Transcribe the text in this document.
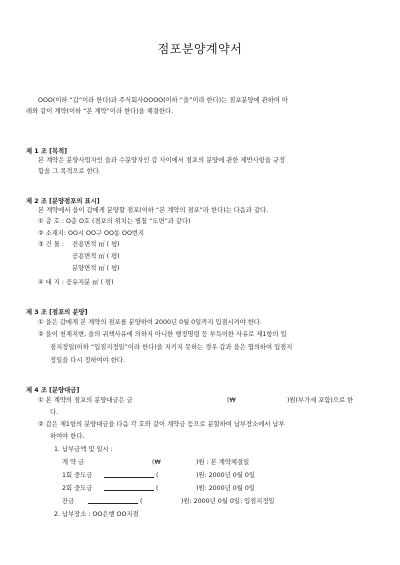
점포분양계약서
OOO(이하 “갑”이라 한다)과 주식회사OOOO(이하 “을”이라 한다)는 점포분양에 관하여 아
래와 같이 계약(이하 “본 계약”이라 한다)을 체결한다.
제 1 조 [목적]
본 계약은 분양사업자인 을과 수분양자인 갑 사이에서 점포의 분양에 관한 제반사항을 규정
함을 그 목적으로 한다.
제 2 조 [분양점포의 표시]
본 계약에서 을이 갑에게 분양할 점포(이하 “본 계약의 점포”라 한다)는 다음과 같다.
① 층 호 : O층 O호 (점포의 위치는 별첨 “도면”과 같다)
② 소재지: OO시 OO구 OO동 OO번지
③ 건 물 : 전용면적 ㎡ ( 평)
공용면적 ㎡ ( 평)
분양면적 ㎡ ( 평)
④ 대 지 : 공유지분 ㎡ ( 평)
제 3 조 [점포의 분양]
① 을은 갑에게 본 계약의 점포를 분양하여 2000년 0월 0일까지 입점시켜야 한다.
② 을이 천재지변, 을의 귀책사유에 의하지 아니한 행정명령 등 부득이한 사유로 제1항의 입
점지정일(이하 “입점지정일”이라 한다)을 지키지 못하는 경우 갑과 을은 협의하여 입점지
정일을 다시 정하여야 한다.
제 4 조 [분양대금]
① 본 계약의 점포의 분양대금은 금	(₩	)원(부가세 포함)으로 한
다.
② 갑은 제1항의 분양대금을 다음 각 호와 같이 계약금 등으로 분할하여 납부장소에서 납부
하여야 한다.
1. 납부금액 및 일시 :
계 약 금	(₩	)원 : 본 계약체결일
1회 중도금	(	)원: 2000년 0월 0일
2회 중도금	(	)원: 2000년 0월 0일
잔금	(	)원: 2000년 0월 0일: 입점지정일
2. 납부장소 : OO은행 OO지점
